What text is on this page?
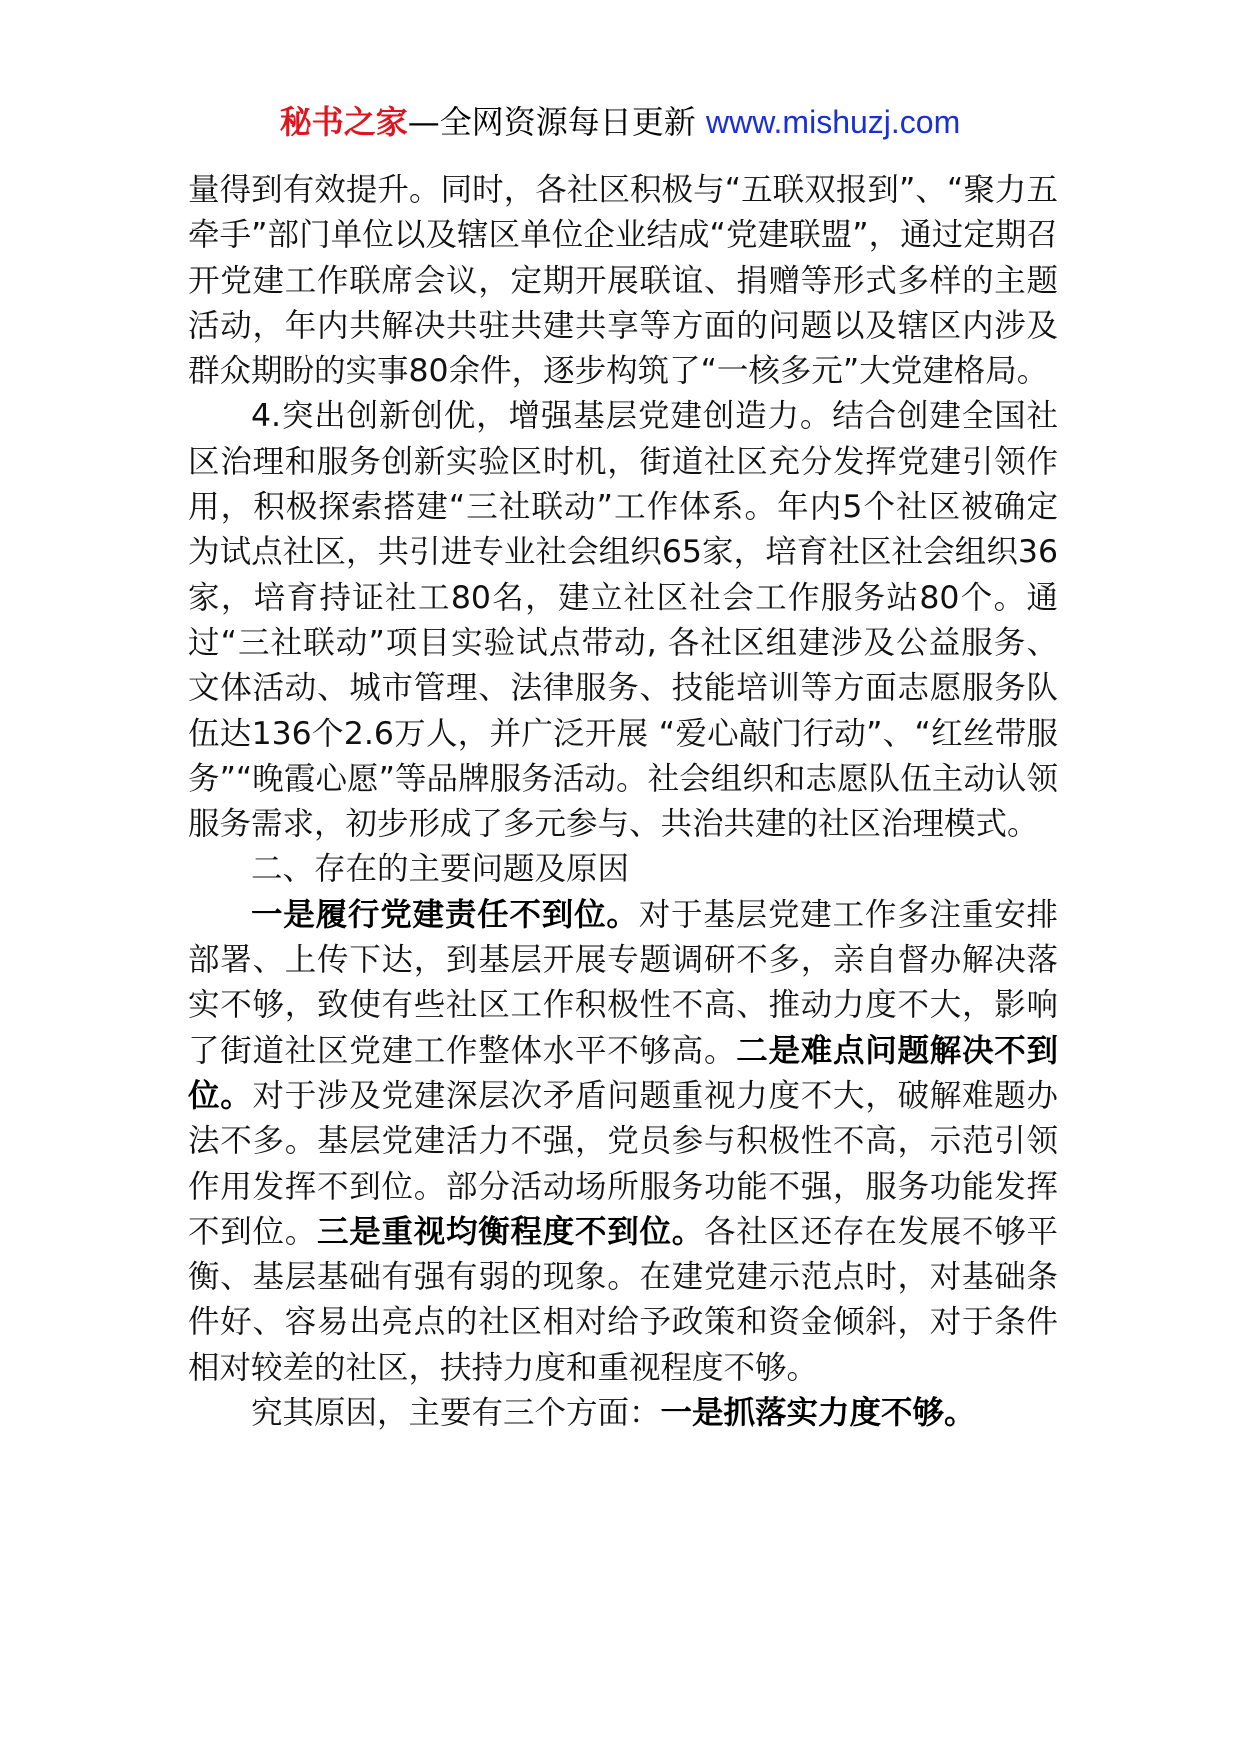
秘书之家—全网资源每日更新 www.mishuzj.com

量得到有效提升。同时，各社区积极与“五联双报到”、“聚力五牵手”部门单位以及辖区单位企业结成“党建联盟”，通过定期召开党建工作联席会议，定期开展联谊、捐赠等形式多样的主题活动，年内共解决共驻共建共享等方面的问题以及辖区内涉及群众期盼的实事80余件，逐步构筑了“一核多元”大党建格局。

4.突出创新创优，增强基层党建创造力。结合创建全国社区治理和服务创新实验区时机，街道社区充分发挥党建引领作用，积极探索搭建“三社联动”工作体系。年内5个社区被确定为试点社区，共引进专业社会组织65家，培育社区社会组织36家，培育持证社工80名，建立社区社会工作服务站80个。通过“三社联动”项目实验试点带动, 各社区组建涉及公益服务、文体活动、城市管理、法律服务、技能培训等方面志愿服务队伍达136个2.6万人，并广泛开展 “爱心敲门行动”、“红丝带服务”“晚霞心愿”等品牌服务活动。社会组织和志愿队伍主动认领服务需求，初步形成了多元参与、共治共建的社区治理模式。

二、存在的主要问题及原因

一是履行党建责任不到位。对于基层党建工作多注重安排部署、上传下达，到基层开展专题调研不多，亲自督办解决落实不够，致使有些社区工作积极性不高、推动力度不大，影响了街道社区党建工作整体水平不够高。二是难点问题解决不到位。对于涉及党建深层次矛盾问题重视力度不大，破解难题办法不多。基层党建活力不强，党员参与积极性不高，示范引领作用发挥不到位。部分活动场所服务功能不强，服务功能发挥不到位。三是重视均衡程度不到位。各社区还存在发展不够平衡、基层基础有强有弱的现象。在建党建示范点时，对基础条件好、容易出亮点的社区相对给予政策和资金倾斜，对于条件相对较差的社区，扶持力度和重视程度不够。

究其原因，主要有三个方面：一是抓落实力度不够。
